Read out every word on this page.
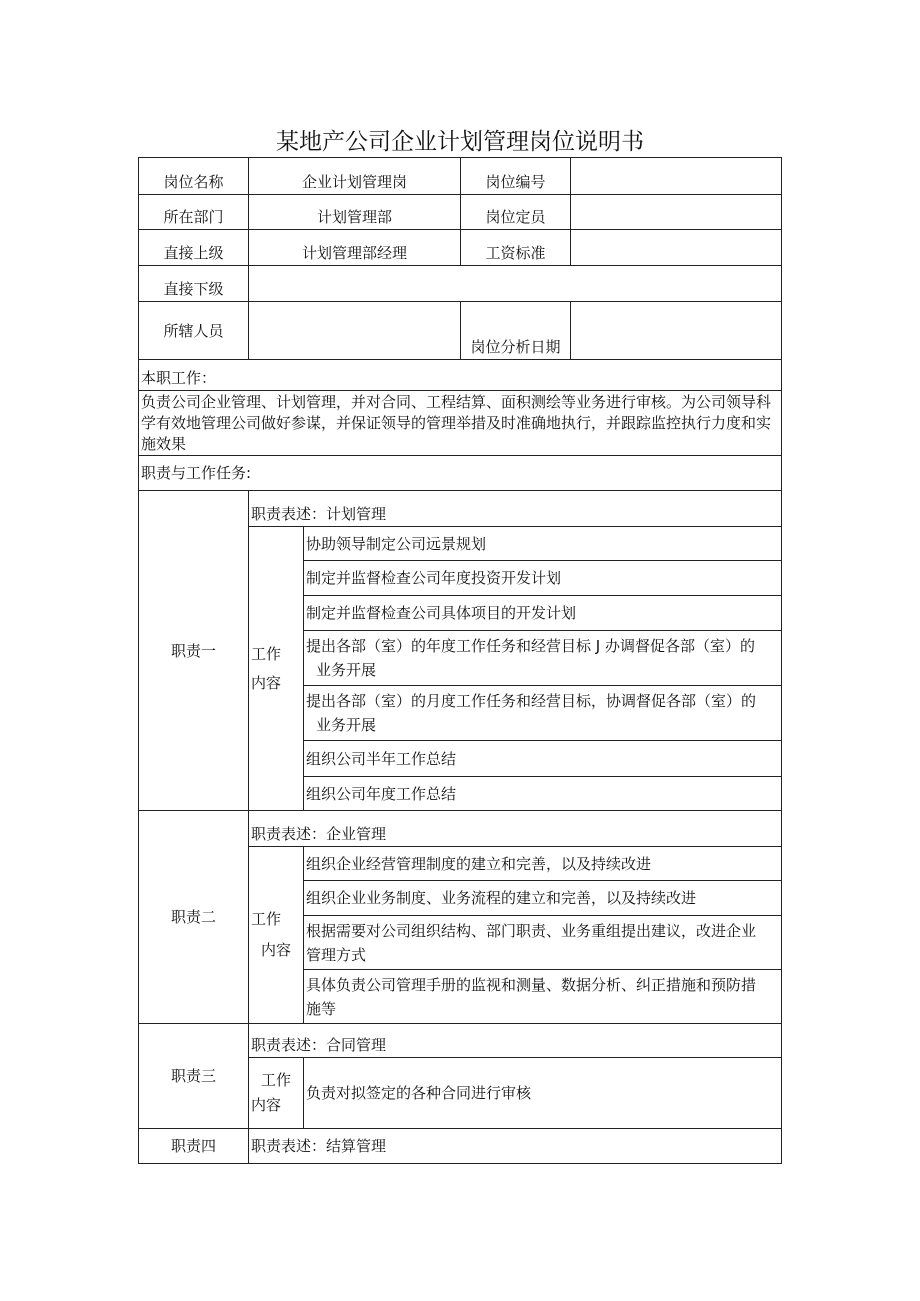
某地产公司企业计划管理岗位说明书
岗位名称	企业计划管理岗		岗位编号	
所在部门	计划管理部		岗位定员	
直接上级	计划管理部经理		工资标准	
直接下级				
所辖人员			岗位分析日期	
本职工作：				
负责公司企业管理、计划管理，并对合同、工程结算、面积测绘等业务进行审核。为公司领导科学有效地管理公司做好参谋，并保证领导的管理举措及时准确地执行，并跟踪监控执行力度和实施效果				
职责与工作任务:				
职责一	职责表述：计划管理			

	工作
内容	协助领导制定公司远景规划		
		制定并监督检查公司年度投资开发计划		
		制定并监督检查公司具体项目的开发计划		

		提出各部（室）的年度工作任务和经营目标 J 办调督促各部（室）的
业务开展		

		提出各部（室）的月度工作任务和经营目标，协调督促各部（室）的
业务开展		

		组织公司半年工作总结		
		组织公司年度工作总结		
职责二	职责表述：企业管理			

	工作
内容	组织企业经营管理制度的建立和完善，以及持续改进		
		组织企业业务制度、业务流程的建立和完善，以及持续改进		

		根据需要对公司组织结构、部门职责、业务重组提出建议，改进企业
管理方式		

		具体负责公司管理手册的监视和测量、数据分析、纠正措施和预防措
施等		

职责三	职责表述：合同管理			

	工作
内容	负责对拟签定的各种合同进行审核		
职责四	职责表述：结算管理			
